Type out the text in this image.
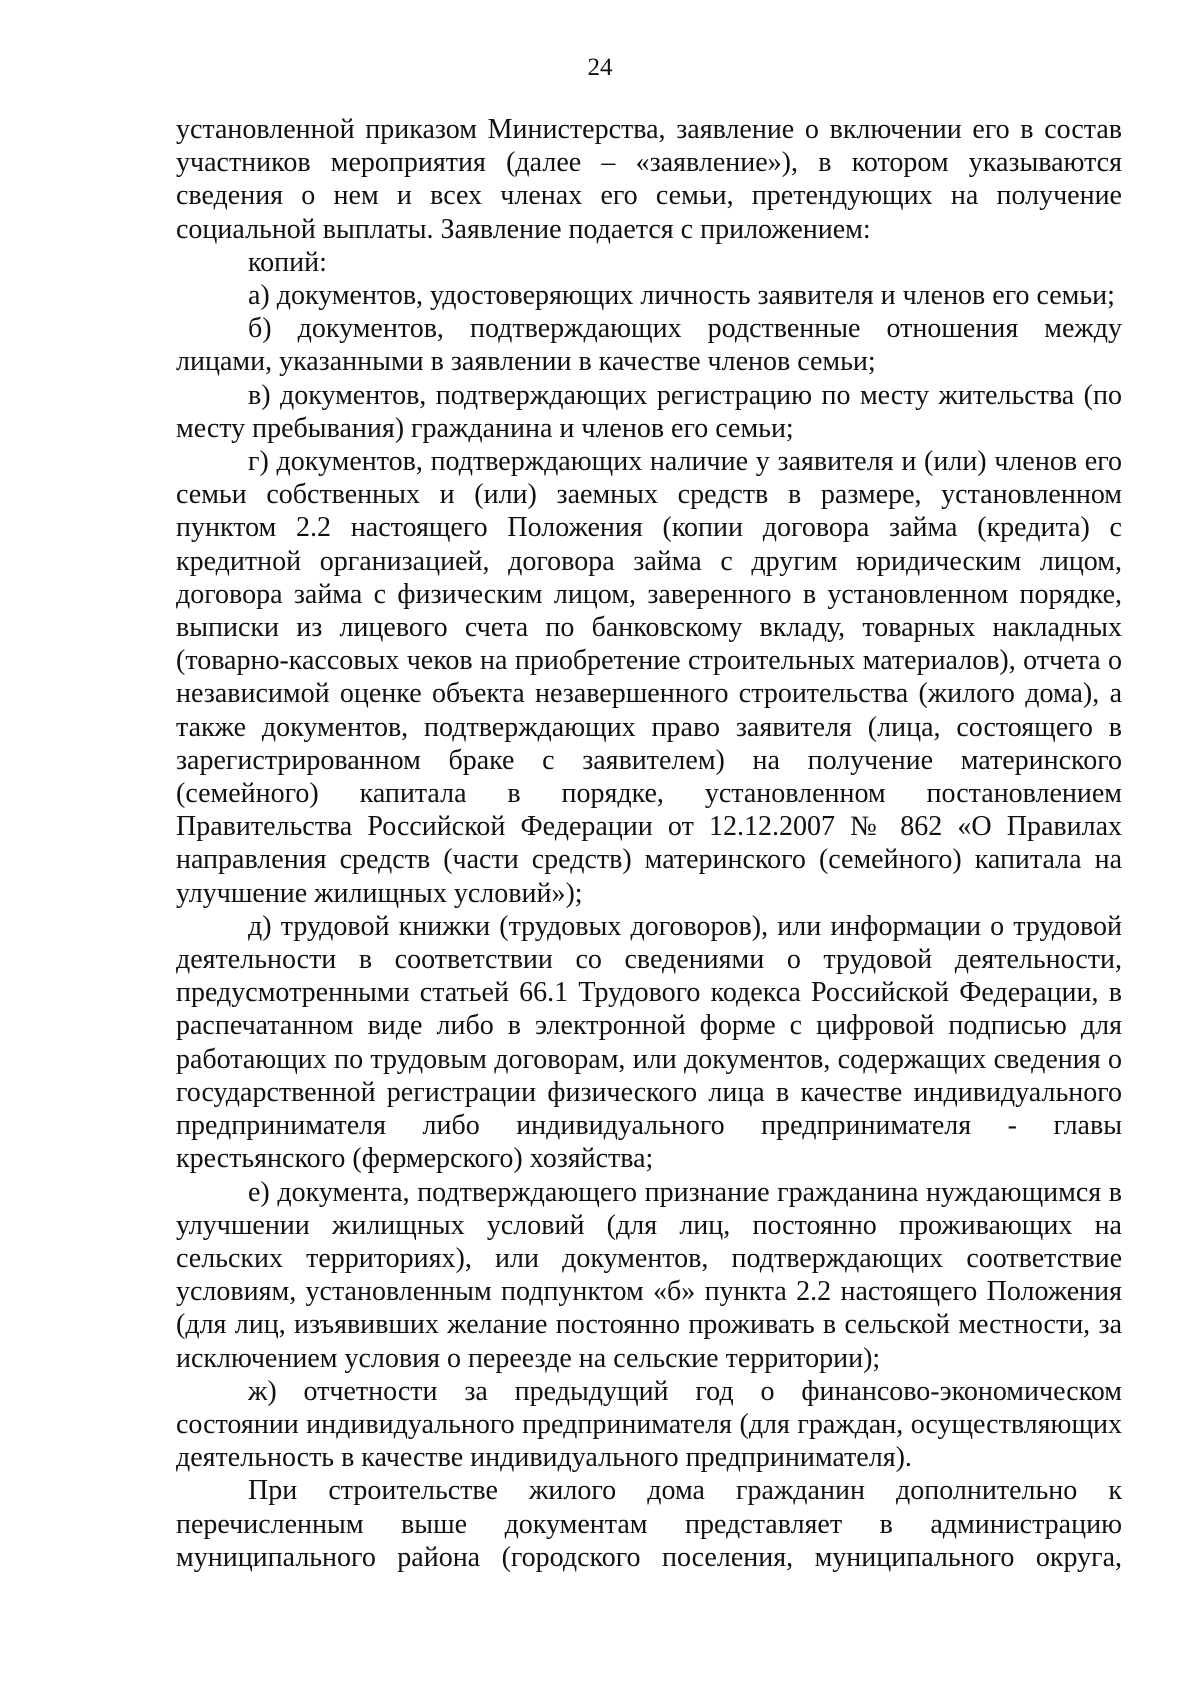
24

установленной приказом Министерства, заявление о включении его в состав участников мероприятия (далее – «заявление»), в котором указываются сведения о нем и всех членах его семьи, претендующих на получение социальной выплаты. Заявление подается с приложением:

копий:

а) документов, удостоверяющих личность заявителя и членов его семьи;

б) документов, подтверждающих родственные отношения между лицами, указанными в заявлении в качестве членов семьи;

в) документов, подтверждающих регистрацию по месту жительства (по месту пребывания) гражданина и членов его семьи;

г) документов, подтверждающих наличие у заявителя и (или) членов его семьи собственных и (или) заемных средств в размере, установленном пунктом 2.2 настоящего Положения (копии договора займа (кредита) с кредитной организацией, договора займа с другим юридическим лицом, договора займа с физическим лицом, заверенного в установленном порядке, выписки из лицевого счета по банковскому вкладу, товарных накладных (товарно-кассовых чеков на приобретение строительных материалов), отчета о независимой оценке объекта незавершенного строительства (жилого дома), а также документов, подтверждающих право заявителя (лица, состоящего в зарегистрированном браке с заявителем) на получение материнского (семейного) капитала в порядке, установленном постановлением Правительства Российской Федерации от 12.12.2007 № 862 «О Правилах направления средств (части средств) материнского (семейного) капитала на улучшение жилищных условий»);

д) трудовой книжки (трудовых договоров), или информации о трудовой деятельности в соответствии со сведениями о трудовой деятельности, предусмотренными статьей 66.1 Трудового кодекса Российской Федерации, в распечатанном виде либо в электронной форме с цифровой подписью для работающих по трудовым договорам, или документов, содержащих сведения о государственной регистрации физического лица в качестве индивидуального предпринимателя либо индивидуального предпринимателя - главы крестьянского (фермерского) хозяйства;

е) документа, подтверждающего признание гражданина нуждающимся в улучшении жилищных условий (для лиц, постоянно проживающих на сельских территориях), или документов, подтверждающих соответствие условиям, установленным подпунктом «б» пункта 2.2 настоящего Положения (для лиц, изъявивших желание постоянно проживать в сельской местности, за исключением условия о переезде на сельские территории);

ж) отчетности за предыдущий год о финансово-экономическом состоянии индивидуального предпринимателя (для граждан, осуществляющих деятельность в качестве индивидуального предпринимателя).

При строительстве жилого дома гражданин дополнительно к перечисленным выше документам представляет в администрацию муниципального района (городского поселения, муниципального округа,
